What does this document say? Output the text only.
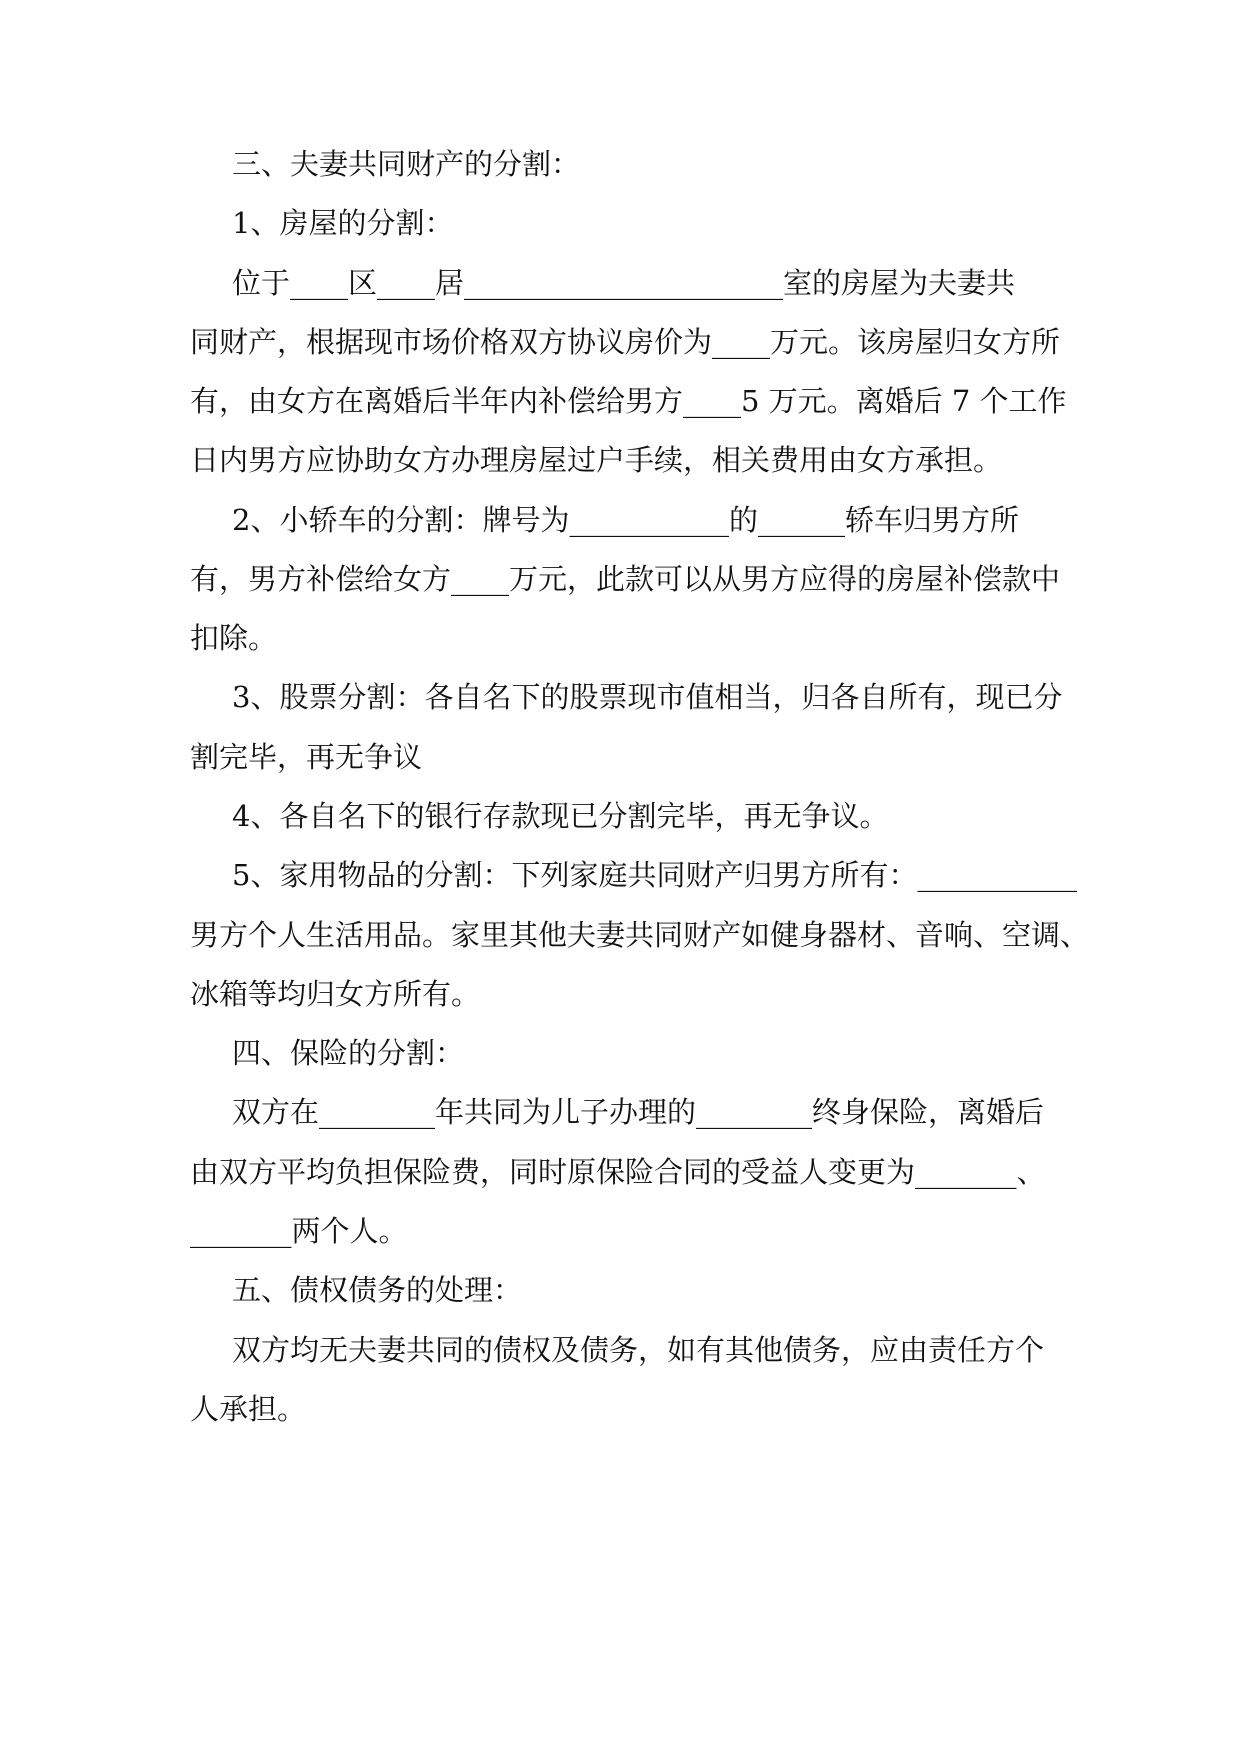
三、夫妻共同财产的分割：
1、房屋的分割：
位于____区____居______________________室的房屋为夫妻共
同财产，根据现市场价格双方协议房价为____万元。该房屋归女方所
有，由女方在离婚后半年内补偿给男方____5 万元。离婚后 7 个工作
日内男方应协助女方办理房屋过户手续，相关费用由女方承担。
2、小轿车的分割：牌号为___________的______轿车归男方所
有，男方补偿给女方____万元，此款可以从男方应得的房屋补偿款中
扣除。
3、股票分割：各自名下的股票现市值相当，归各自所有，现已分
割完毕，再无争议
4、各自名下的银行存款现已分割完毕，再无争议。
5、家用物品的分割：下列家庭共同财产归男方所有：___________
男方个人生活用品。家里其他夫妻共同财产如健身器材、音响、空调、
冰箱等均归女方所有。
四、保险的分割：
双方在________年共同为儿子办理的________终身保险，离婚后
由双方平均负担保险费，同时原保险合同的受益人变更为_______、
_______两个人。
五、债权债务的处理：
双方均无夫妻共同的债权及债务，如有其他债务，应由责任方个
人承担。
